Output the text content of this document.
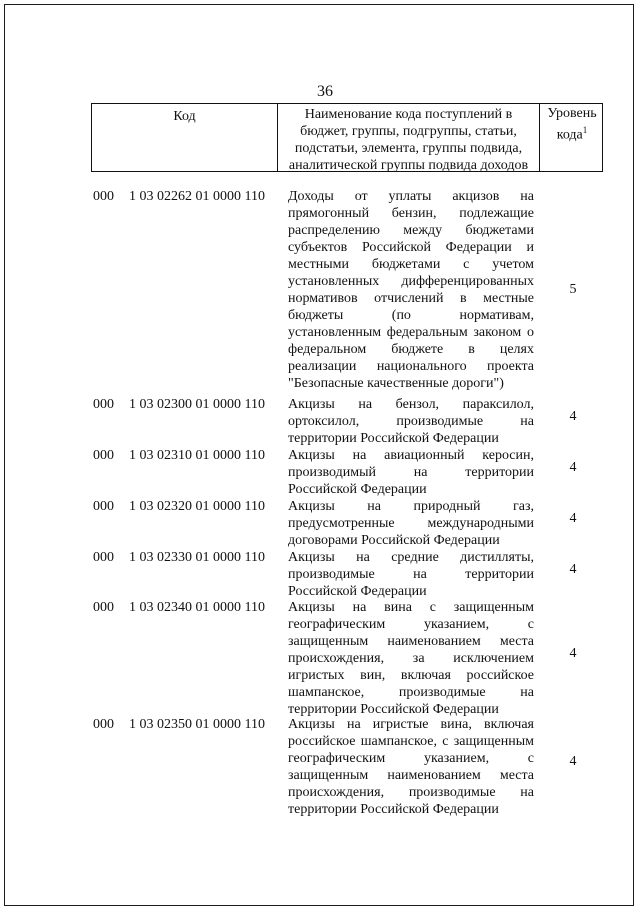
36
Код	Наименование кода поступлений в бюджет, группы, подгруппы, статьи, подстатьи, элемента, группы подвида, аналитической группы подвида доходов
Уровень кода$^1$
000 1 03 02262 01 0000 110 Доходы от уплаты акцизов на прямогонный бензин, подлежащие распределению между бюджетами субъектов Российской Федерации и местными бюджетами с учетом установленных дифференцированных нормативов отчислений в местные бюджеты (по нормативам, установленным федеральным законом о федеральном бюджете в целях реализации национального проекта "Безопасные качественные дороги")
5
000 1 03 02300 01 0000 110 Акцизы на бензол, параксилол, ортоксилол, производимые на территории Российской Федерации
4
000 1 03 02310 01 0000 110 Акцизы на авиационный керосин, производимый на территории Российской Федерации
4
000 1 03 02320 01 0000 110 Акцизы на природный газ, предусмотренные международными договорами Российской Федерации
4
000 1 03 02330 01 0000 110 Акцизы на средние дистилляты, производимые на территории Российской Федерации
4
000 1 03 02340 01 0000 110 Акцизы на вина с защищенным географическим указанием, с защищенным наименованием места происхождения, за исключением игристых вин, включая российское шампанское, производимые на территории Российской Федерации
4
000 1 03 02350 01 0000 110 Акцизы на игристые вина, включая российское шампанское, с защищенным географическим указанием, с защищенным наименованием места происхождения, производимые на территории Российской Федерации
4
